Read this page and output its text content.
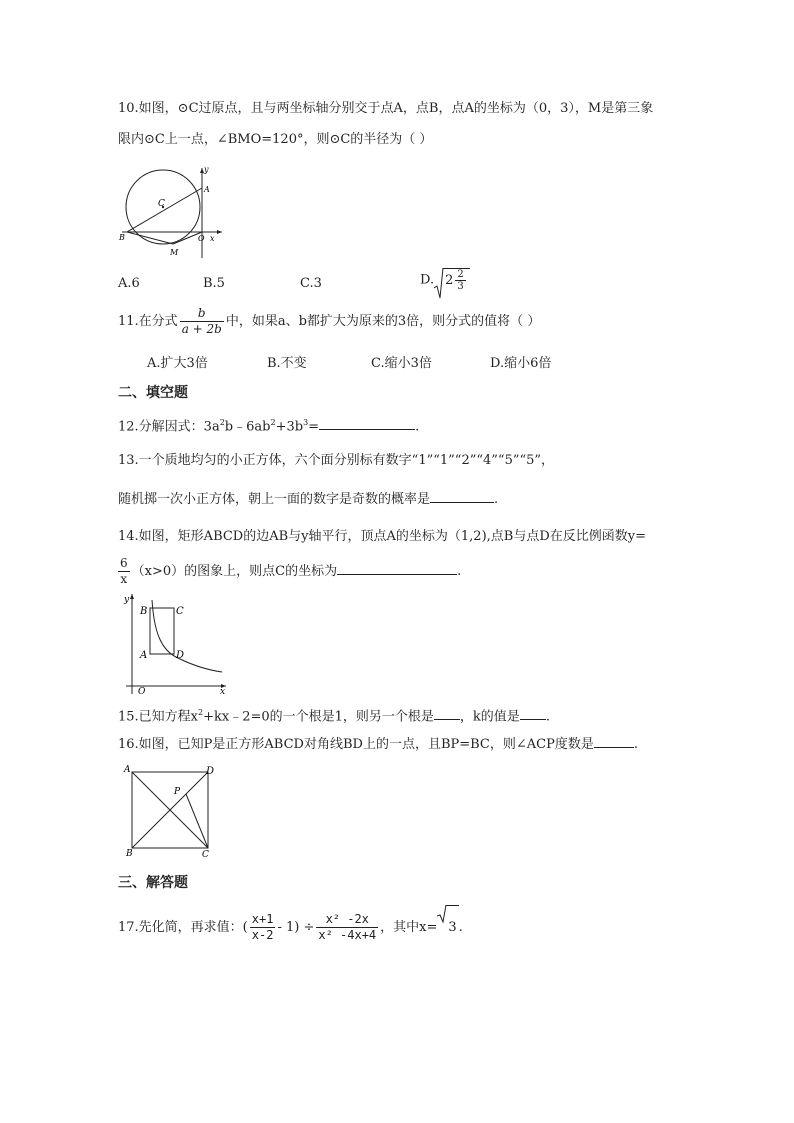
10.如图，⊙C过原点，且与两坐标轴分别交于点A，点B，点A的坐标为（0，3），M是第三象
限内⊙C上一点，∠BMO=120°，则⊙C的半径为（ ）
C
A
B	O x
y
M
A.6	B.5	C.3	D. $2 \frac{2}{3}$
11.在分式 $\frac{b}{a + 2b}$ 中，如果a、b都扩大为原来的3倍，则分式的值将（ ）
A.扩大3倍	B.不变	C.缩小3倍	D.缩小6倍
二、填空题
12.分解因式：$3a^2b﹣6ab^2+3b^3=$	.
13.一个质地均匀的小正方体，六个面分别标有数字“1”“1”“2”“4”“5”“5”，
随机掷一次小正方体，朝上一面的数字是奇数的概率是	.
14.如图，矩形ABCD的边AB与y轴平行，顶点A的坐标为（1,2),点B与点D在反比例函数y=
$\frac{6}{x} (x>0)$的图象上，则点C的坐标为	.
O	x
y
B	C
A	D
15.已知方程$x^2+kx﹣2=0$的一个根是1，则另一个根是 ，k的值是 .
16.如图，已知P是正方形ABCD对角线BD上的一点，且BP=BC，则∠ACP度数是	.
A	D
B	C
P
三、解答题
17.先化简，再求值：( $\frac{x+1}{x-2} - 1) \div \frac{\text{x² -2x}}{\text{x² -4x+4}}$ ，其中x= 3 .
